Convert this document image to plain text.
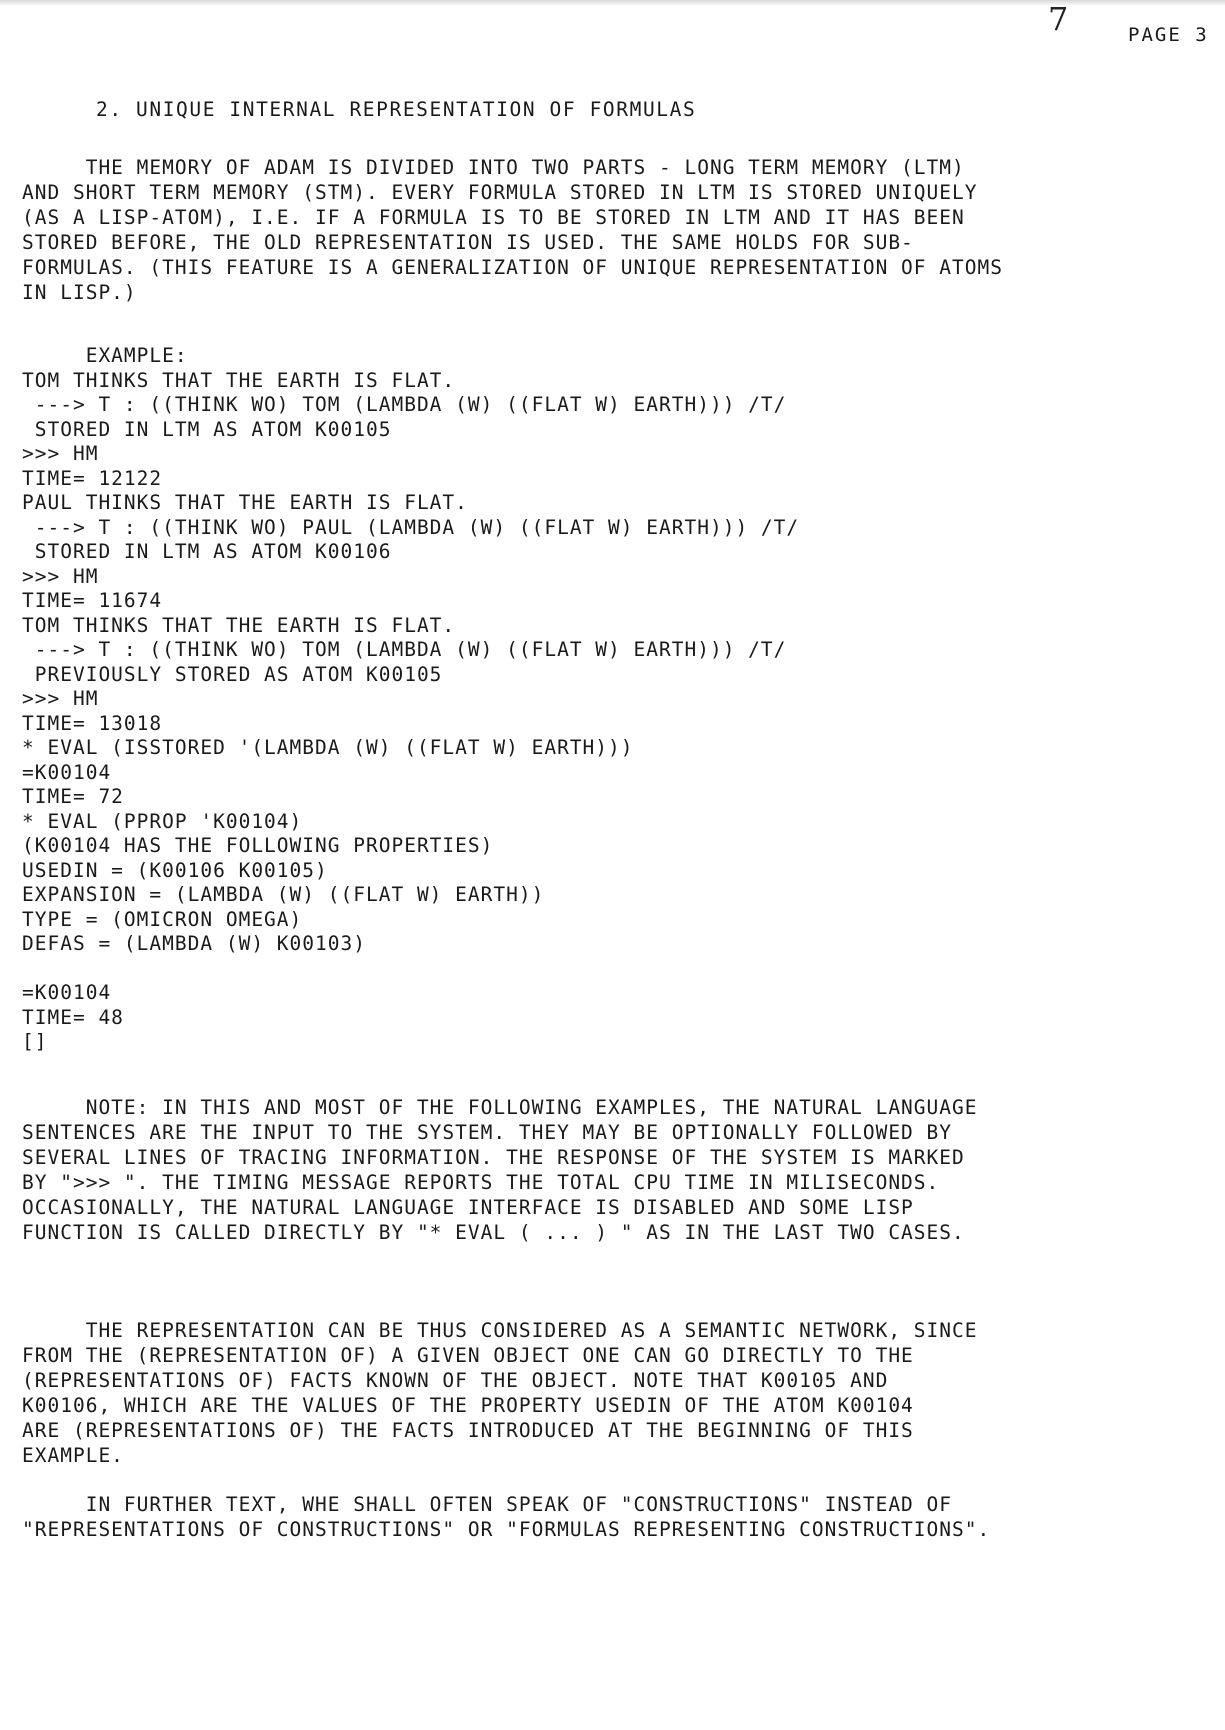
7	PAGE 3
2. UNIQUE INTERNAL REPRESENTATION OF FORMULAS
THE MEMORY OF ADAM IS DIVIDED INTO TWO PARTS - LONG TERM MEMORY (LTM)
AND SHORT TERM MEMORY (STM). EVERY FORMULA STORED IN LTM IS STORED UNIQUELY
(AS A LISP-ATOM), I.E. IF A FORMULA IS TO BE STORED IN LTM AND IT HAS BEEN
STORED BEFORE, THE OLD REPRESENTATION IS USED. THE SAME HOLDS FOR SUB-
FORMULAS. (THIS FEATURE IS A GENERALIZATION OF UNIQUE REPRESENTATION OF ATOMS
IN LISP.)
EXAMPLE:
TOM THINKS THAT THE EARTH IS FLAT.
---> T : ((THINK WO) TOM (LAMBDA (W) ((FLAT W) EARTH))) /T/
STORED IN LTM AS ATOM K00105
>>> HM
TIME= 12122
PAUL THINKS THAT THE EARTH IS FLAT.
---> T : ((THINK WO) PAUL (LAMBDA (W) ((FLAT W) EARTH))) /T/
STORED IN LTM AS ATOM K00106
>>> HM
TIME= 11674
TOM THINKS THAT THE EARTH IS FLAT.
---> T : ((THINK WO) TOM (LAMBDA (W) ((FLAT W) EARTH))) /T/
PREVIOUSLY STORED AS ATOM K00105
>>> HM
TIME= 13018
* EVAL (ISSTORED '(LAMBDA (W) ((FLAT W) EARTH)))
=K00104
TIME= 72
* EVAL (PPROP 'K00104)
(K00104 HAS THE FOLLOWING PROPERTIES)
USEDIN = (K00106 K00105)
EXPANSION = (LAMBDA (W) ((FLAT W) EARTH))
TYPE = (OMICRON OMEGA)
DEFAS = (LAMBDA (W) K00103)
=K00104
TIME= 48
[]
NOTE: IN THIS AND MOST OF THE FOLLOWING EXAMPLES, THE NATURAL LANGUAGE
SENTENCES ARE THE INPUT TO THE SYSTEM. THEY MAY BE OPTIONALLY FOLLOWED BY
SEVERAL LINES OF TRACING INFORMATION. THE RESPONSE OF THE SYSTEM IS MARKED
BY ">>> ". THE TIMING MESSAGE REPORTS THE TOTAL CPU TIME IN MILISECONDS.
OCCASIONALLY, THE NATURAL LANGUAGE INTERFACE IS DISABLED AND SOME LISP
FUNCTION IS CALLED DIRECTLY BY "* EVAL ( ... ) " AS IN THE LAST TWO CASES.
THE REPRESENTATION CAN BE THUS CONSIDERED AS A SEMANTIC NETWORK, SINCE
FROM THE (REPRESENTATION OF) A GIVEN OBJECT ONE CAN GO DIRECTLY TO THE
(REPRESENTATIONS OF) FACTS KNOWN OF THE OBJECT. NOTE THAT K00105 AND
K00106, WHICH ARE THE VALUES OF THE PROPERTY USEDIN OF THE ATOM K00104
ARE (REPRESENTATIONS OF) THE FACTS INTRODUCED AT THE BEGINNING OF THIS
EXAMPLE.
IN FURTHER TEXT, WHE SHALL OFTEN SPEAK OF "CONSTRUCTIONS" INSTEAD OF
"REPRESENTATIONS OF CONSTRUCTIONS" OR "FORMULAS REPRESENTING CONSTRUCTIONS".
